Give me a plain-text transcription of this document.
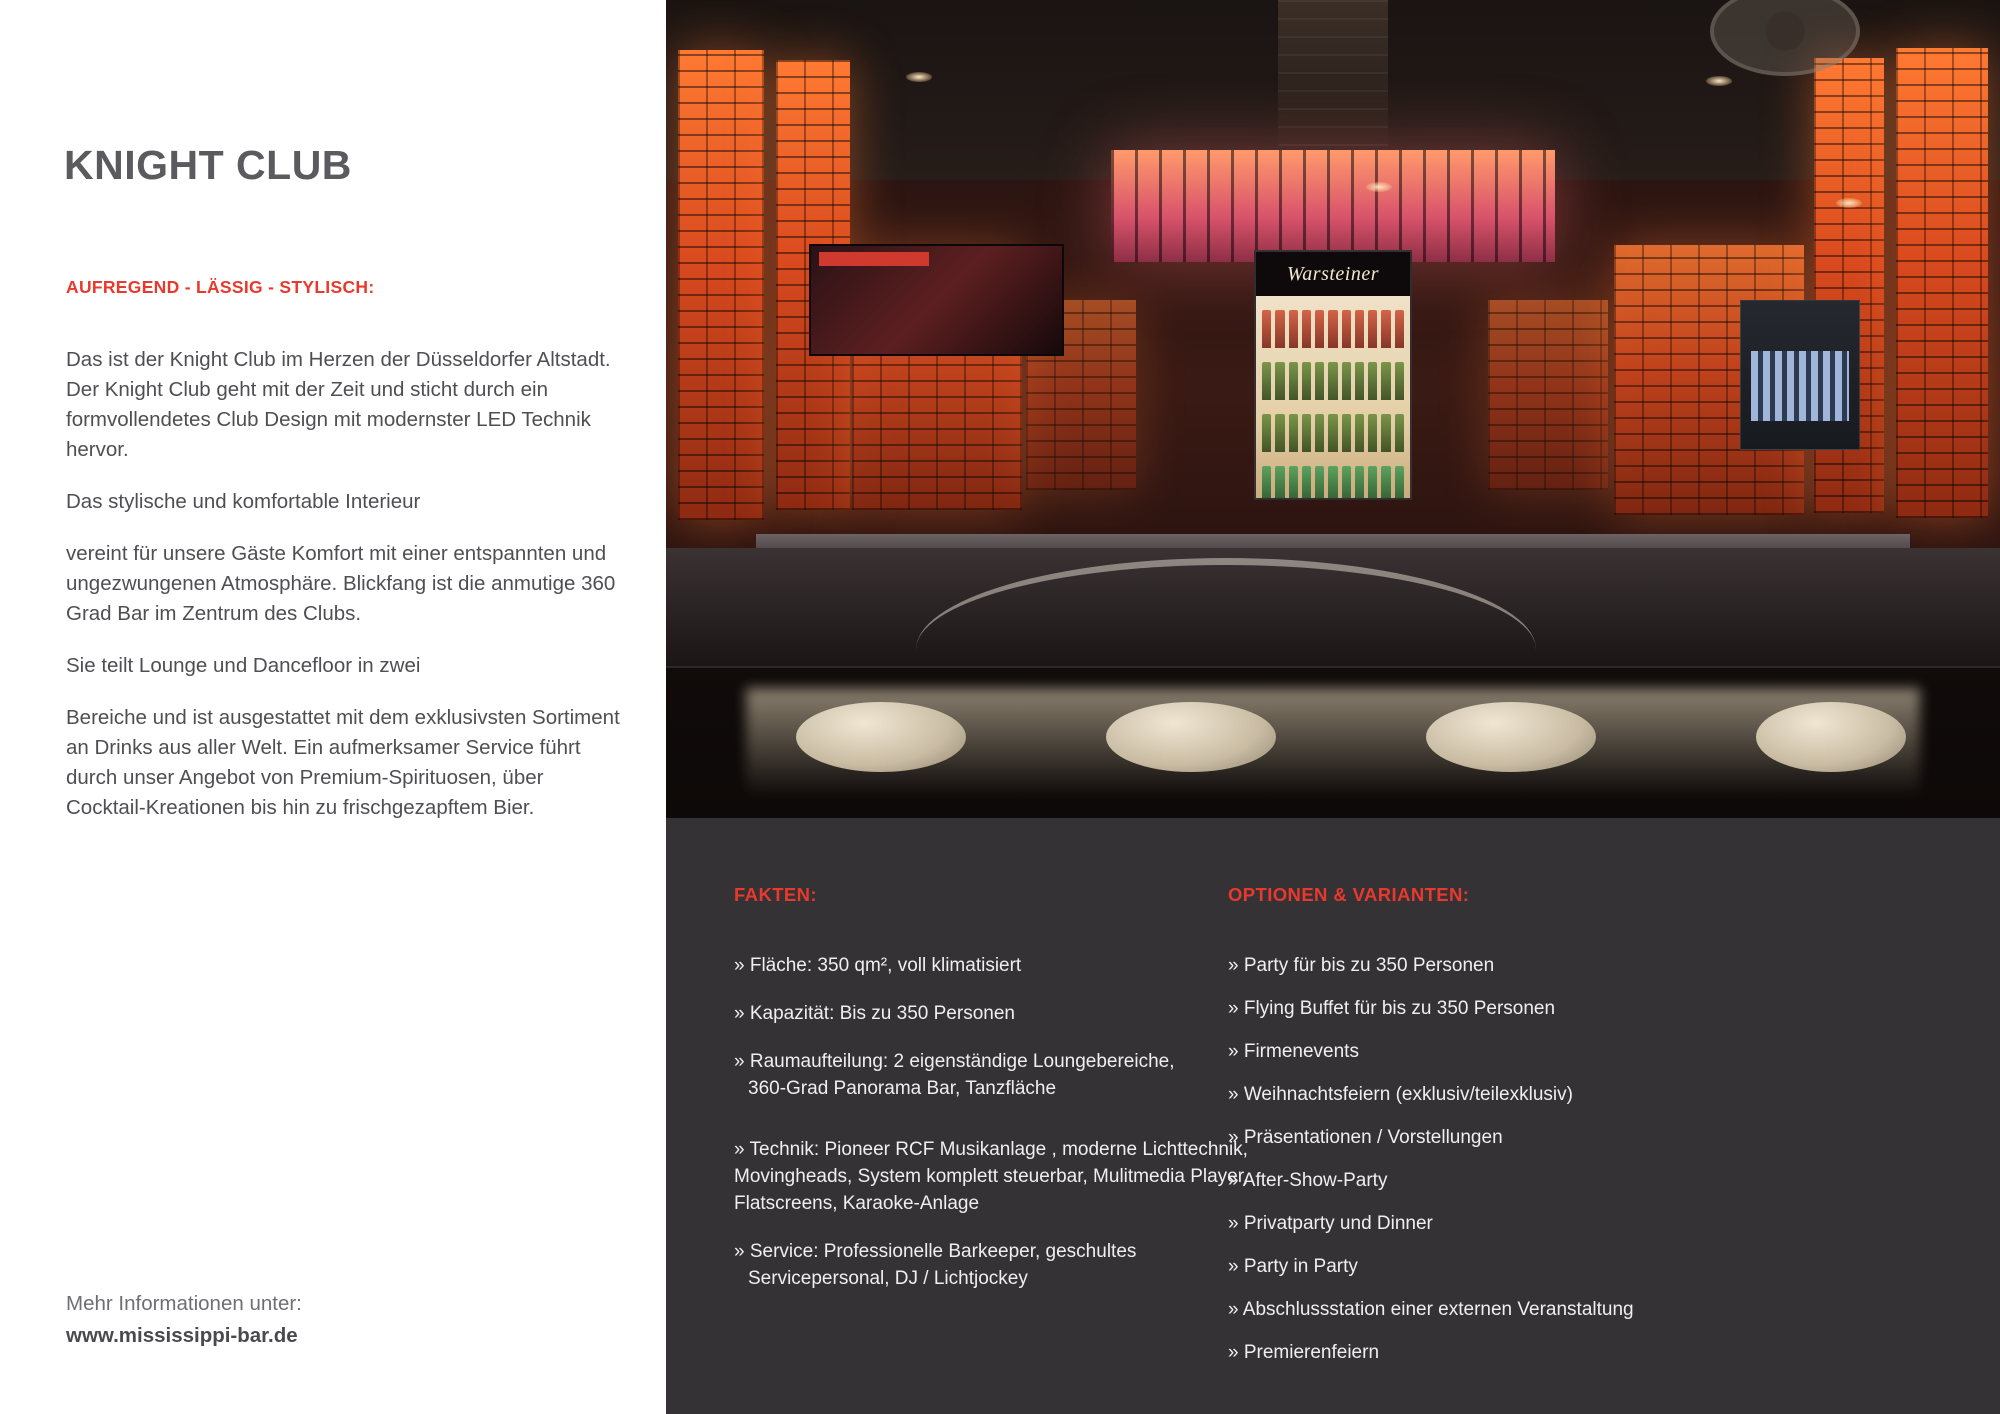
KNIGHT CLUB
AUFREGEND - LÄSSIG - STYLISCH:

Das ist der Knight Club im Herzen der Düsseldorfer Altstadt. Der Knight Club geht mit der Zeit und sticht durch ein formvollendetes Club Design mit modernster LED Technik hervor.

Das stylische und komfortable Interieur

vereint für unsere Gäste Komfort mit einer entspannten und ungezwungenen Atmosphäre. Blickfang ist die anmutige 360 Grad Bar im Zentrum des Clubs.

Sie teilt Lounge und Dancefloor in zwei

Bereiche und ist ausgestattet mit dem exklusivsten Sortiment an Drinks aus aller Welt. Ein aufmerksamer Service führt durch unser Angebot von Premium-Spirituosen, über Cocktail-Kreationen bis hin zu frischgezapftem Bier.

Mehr Informationen unter:
www.mississippi-bar.de
Warsteiner
FAKTEN:
» Fläche: 350 qm², voll klimatisiert
» Kapazität: Bis zu 350 Personen
» Raumaufteilung: 2 eigenständige Loungebereiche,
360-Grad Panorama Bar, Tanzfläche
» Technik: Pioneer RCF Musikanlage , moderne Lichttechnik, Movingheads, System komplett steuerbar, Mulitmedia Player, Flatscreens, Karaoke-Anlage
» Service: Professionelle Barkeeper, geschultes
Servicepersonal, DJ / Lichtjockey
OPTIONEN & VARIANTEN:
» Party für bis zu 350 Personen
» Flying Buffet für bis zu 350 Personen
» Firmenevents
» Weihnachtsfeiern (exklusiv/teilexklusiv)
» Präsentationen / Vorstellungen
» After-Show-Party
» Privatparty und Dinner
» Party in Party
» Abschlussstation einer externen Veranstaltung
» Premierenfeiern
